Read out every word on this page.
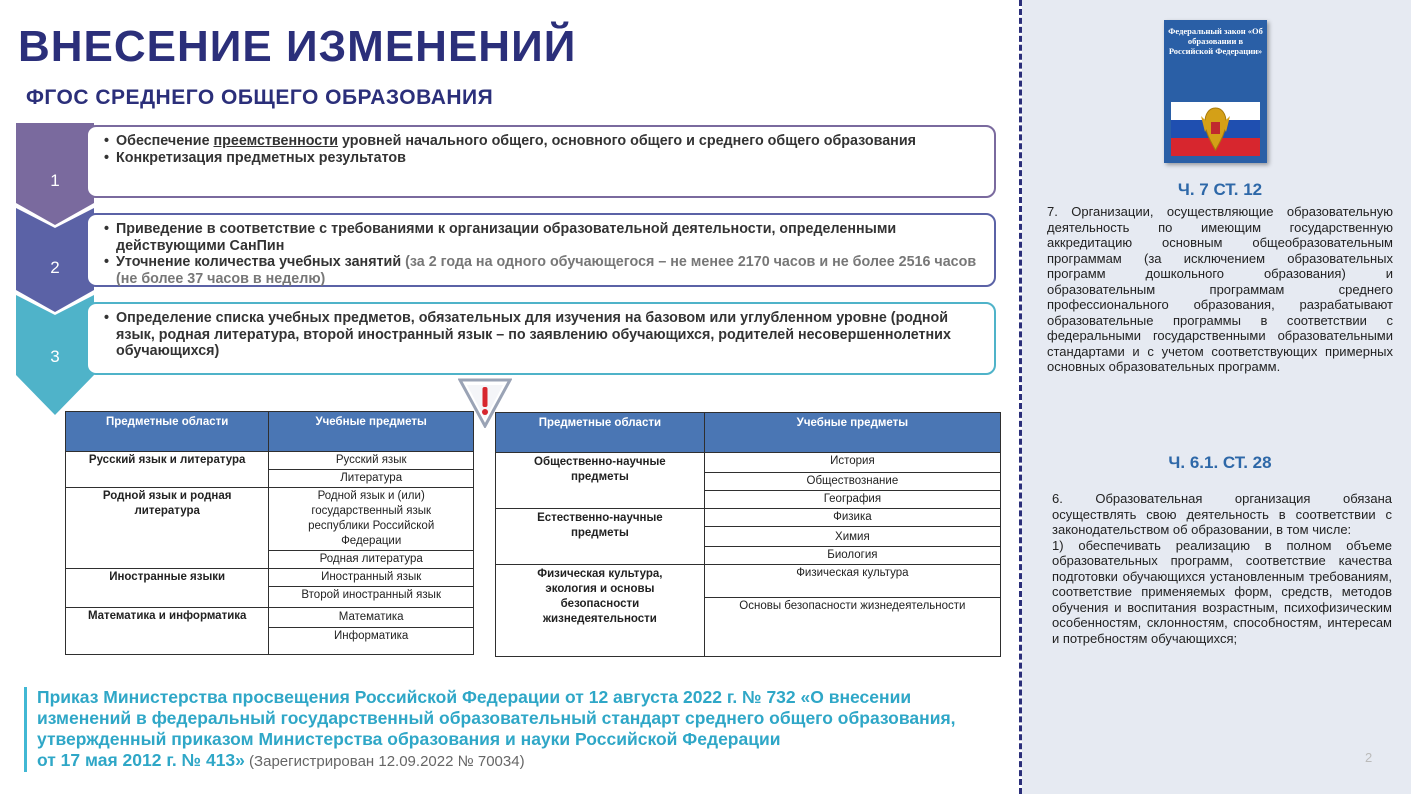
ВНЕСЕНИЕ ИЗМЕНЕНИЙ
ФГОС СРЕДНЕГО ОБЩЕГО ОБРАЗОВАНИЯ
1
2
3
• Обеспечение преемственности уровней начального общего, основного общего и среднего общего образования
• Конкретизация предметных результатов
• Приведение в соответствие с требованиями к организации образовательной деятельности, определенными действующими СанПин
• Уточнение количества учебных занятий (за 2 года на одного обучающегося – не менее 2170 часов и не более 2516 часов (не более 37 часов в неделю)
• Определение списка учебных предметов, обязательных для изучения на базовом или углубленном уровне (родной язык, родная литература, второй иностранный язык – по заявлению обучающихся, родителей несовершеннолетних обучающихся)
Предметные области	Учебные предметы
Русский язык и литература	Русский язык
	Литература
Родной язык и родная литература	Родной язык и (или) государственный язык республики Российской Федерации
	Родная литература
Иностранные языки	Иностранный язык
	Второй иностранный язык
Математика и информатика	Математика
	Информатика
Предметные области	Учебные предметы
Общественно-научные предметы	История
	Обществознание
	География
Естественно-научные предметы	Физика
	Химия
	Биология
Физическая культура, экология и основы безопасности жизнедеятельности	Физическая культура
	Основы безопасности жизнедеятельности

Приказ Министерства просвещения Российской Федерации от 12 августа 2022 г. № 732 «О внесении

изменений в федеральный государственный образовательный стандарт среднего общего образования,

утвержденный приказом Министерства образования и науки Российской Федерации

от 17 мая 2012 г. № 413» (Зарегистрирован 12.09.2022 № 70034)

Федеральный закон «Об образовании в Российской Федерации»
Ч. 7 СТ. 12

7. Организации, осуществляющие образовательную деятельность по имеющим государственную аккредитацию основным общеобразовательным программам (за исключением образовательных программ дошкольного образования) и образовательным программам среднего профессионального образования, разрабатывают образовательные программы в соответствии с федеральными государственными образовательными стандартами и с учетом соответствующих примерных основных образовательных программ.

Ч. 6.1. СТ. 28

6. Образовательная организация обязана осуществлять свою деятельность в соответствии с законодательством об образовании, в том числе:

1) обеспечивать реализацию в полном объеме образовательных программ, соответствие качества подготовки обучающихся установленным требованиям, соответствие применяемых форм, средств, методов обучения и воспитания возрастным, психофизическим особенностям, склонностям, способностям, интересам и потребностям обучающихся;

2
